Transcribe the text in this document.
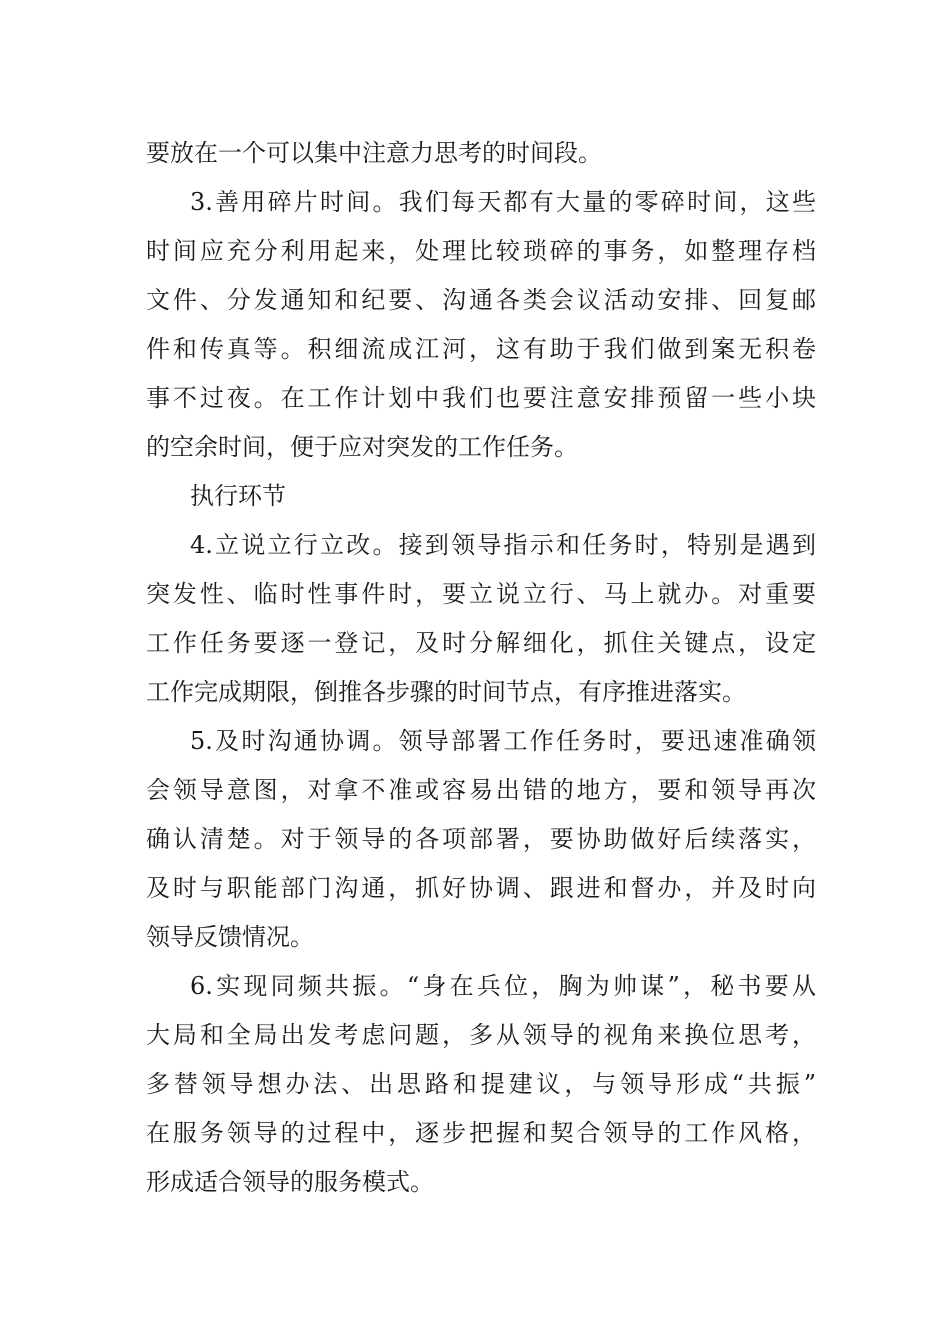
要放在一个可以集中注意力思考的时间段。
3.善用碎片时间。我们每天都有大量的零碎时间，这些
时间应充分利用起来，处理比较琐碎的事务，如整理存档
文件、分发通知和纪要、沟通各类会议活动安排、回复邮
件和传真等。积细流成江河，这有助于我们做到案无积卷
事不过夜。在工作计划中我们也要注意安排预留一些小块
的空余时间，便于应对突发的工作任务。
执行环节
4.立说立行立改。接到领导指示和任务时，特别是遇到
突发性、临时性事件时，要立说立行、马上就办。对重要
工作任务要逐一登记，及时分解细化，抓住关键点，设定
工作完成期限，倒推各步骤的时间节点，有序推进落实。
5.及时沟通协调。领导部署工作任务时，要迅速准确领
会领导意图，对拿不准或容易出错的地方，要和领导再次
确认清楚。对于领导的各项部署，要协助做好后续落实，
及时与职能部门沟通，抓好协调、跟进和督办，并及时向
领导反馈情况。
6.实现同频共振。“身在兵位，胸为帅谋”，秘书要从
大局和全局出发考虑问题，多从领导的视角来换位思考，
多替领导想办法、出思路和提建议，与领导形成“共振”
在服务领导的过程中，逐步把握和契合领导的工作风格，
形成适合领导的服务模式。
